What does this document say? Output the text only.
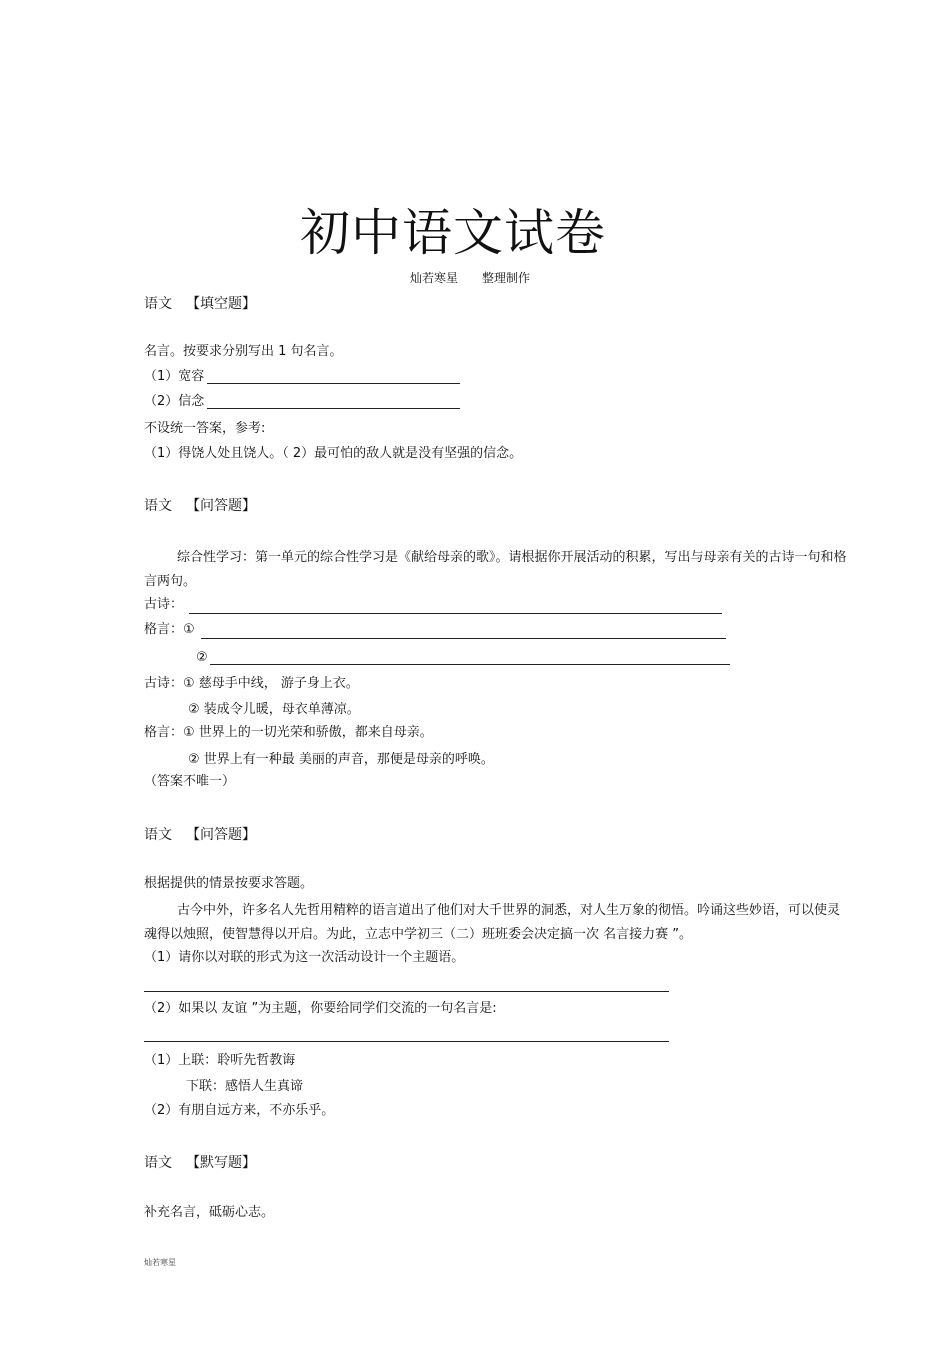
初中语文试卷
灿若寒星 整理制作
语文 【填空题】
名言。按要求分别写出 1 句名言。
（1）宽容
（2）信念
不设统一答案，参考:
（1）得饶人处且饶人。（ 2）最可怕的敌人就是没有坚强的信念。
语文 【问答题】
综合性学习：第一单元的综合性学习是《献给母亲的歌》。请根据你开展活动的积累，写出与母亲有关的古诗一句和格言两句。
古诗：
格言：①
②
古诗：① 慈母手中线， 游子身上衣。
② 装成令儿暖，母衣单薄凉。
格言：① 世界上的一切光荣和骄傲，都来自母亲。
② 世界上有一种最 美丽的声音，那便是母亲的呼唤。
（答案不唯一）
语文 【问答题】
根据提供的情景按要求答题。
古今中外，许多名人先哲用精粹的语言道出了他们对大千世界的洞悉，对人生万象的彻悟。吟诵这些妙语，可以使灵魂得以烛照，使智慧得以开启。为此，立志中学初三（二）班班委会决定搞一次 名言接力赛 ”。
（1）请你以对联的形式为这一次活动设计一个主题语。
（2）如果以 友谊 ”为主题，你要给同学们交流的一句名言是:
（1）上联：聆听先哲教诲
下联：感悟人生真谛
（2）有朋自远方来，不亦乐乎。
语文 【默写题】
补充名言，砥砺心志。
灿若寒星
